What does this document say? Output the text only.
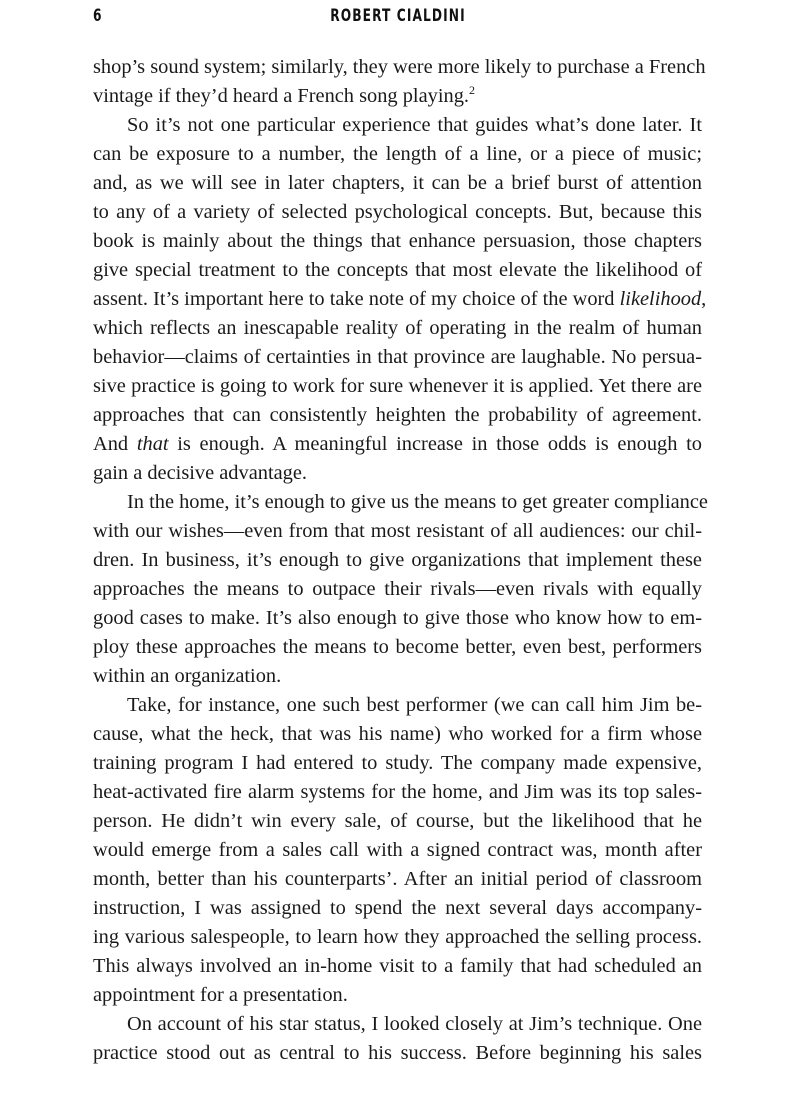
6	ROBERT CIALDINI
shop’s sound system; similarly, they were more likely to purchase a French
vintage if they’d heard a French song playing.$^2$
So it’s not one particular experience that guides what’s done later. It
can be exposure to a number, the length of a line, or a piece of music;
and, as we will see in later chapters, it can be a brief burst of attention
to any of a variety of selected psychological concepts. But, because this
book is mainly about the things that enhance persuasion, those chapters
give special treatment to the concepts that most elevate the likelihood of
assent. It’s important here to take note of my choice of the word likelihood,
which reflects an inescapable reality of operating in the realm of human
behavior—claims of certainties in that province are laughable. No persua-
sive practice is going to work for sure whenever it is applied. Yet there are
approaches that can consistently heighten the probability of agreement.
And that is enough. A meaningful increase in those odds is enough to
gain a decisive advantage.
In the home, it’s enough to give us the means to get greater compliance
with our wishes—even from that most resistant of all audiences: our chil-
dren. In business, it’s enough to give organizations that implement these
approaches the means to outpace their rivals—even rivals with equally
good cases to make. It’s also enough to give those who know how to em-
ploy these approaches the means to become better, even best, performers
within an organization.
Take, for instance, one such best performer (we can call him Jim be-
cause, what the heck, that was his name) who worked for a firm whose
training program I had entered to study. The company made expensive,
heat-activated fire alarm systems for the home, and Jim was its top sales-
person. He didn’t win every sale, of course, but the likelihood that he
would emerge from a sales call with a signed contract was, month after
month, better than his counterparts’. After an initial period of classroom
instruction, I was assigned to spend the next several days accompany-
ing various salespeople, to learn how they approached the selling process.
This always involved an in-home visit to a family that had scheduled an
appointment for a presentation.
On account of his star status, I looked closely at Jim’s technique. One
practice stood out as central to his success. Before beginning his sales
